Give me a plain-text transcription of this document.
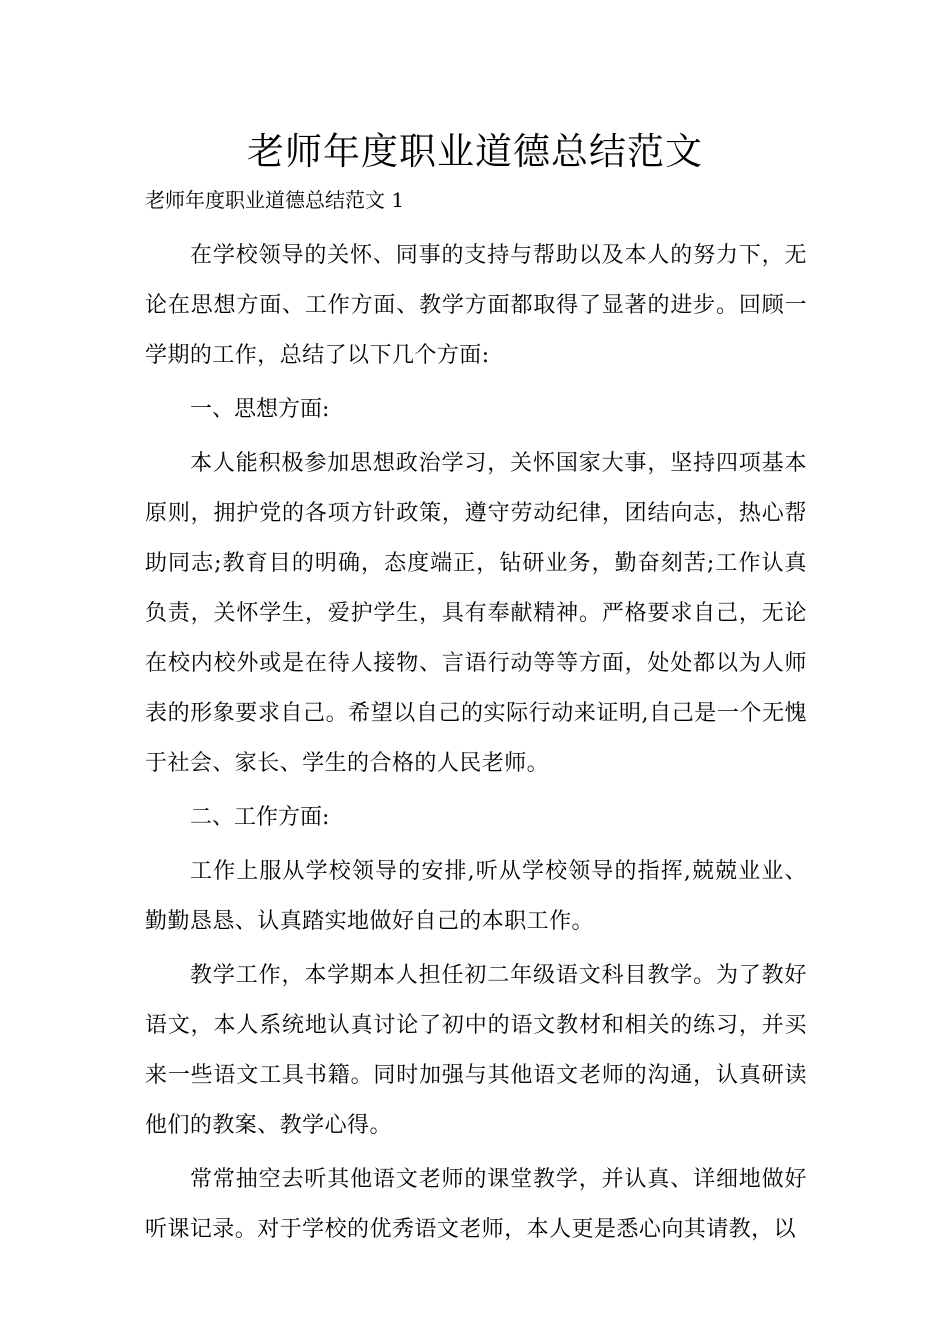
老师年度职业道德总结范文

老师年度职业道德总结范文 1

在学校领导的关怀、同事的支持与帮助以及本人的努力下，无论在思想方面、工作方面、教学方面都取得了显著的进步。回顾一学期的工作，总结了以下几个方面:

一、思想方面:

本人能积极参加思想政治学习，关怀国家大事，坚持四项基本原则，拥护党的各项方针政策，遵守劳动纪律，团结向志，热心帮助同志;教育目的明确，态度端正，钻研业务，勤奋刻苦;工作认真负责，关怀学生，爱护学生，具有奉献精神。严格要求自己，无论在校内校外或是在待人接物、言语行动等等方面，处处都以为人师表的形象要求自己。希望以自己的实际行动来证明,自己是一个无愧于社会、家长、学生的合格的人民老师。

二、工作方面:

工作上服从学校领导的安排,听从学校领导的指挥,兢兢业业、勤勤恳恳、认真踏实地做好自己的本职工作。

教学工作，本学期本人担任初二年级语文科目教学。为了教好语文，本人系统地认真讨论了初中的语文教材和相关的练习，并买来一些语文工具书籍。同时加强与其他语文老师的沟通，认真研读他们的教案、教学心得。

常常抽空去听其他语文老师的课堂教学，并认真、详细地做好听课记录。对于学校的优秀语文老师，本人更是悉心向其请教，以
